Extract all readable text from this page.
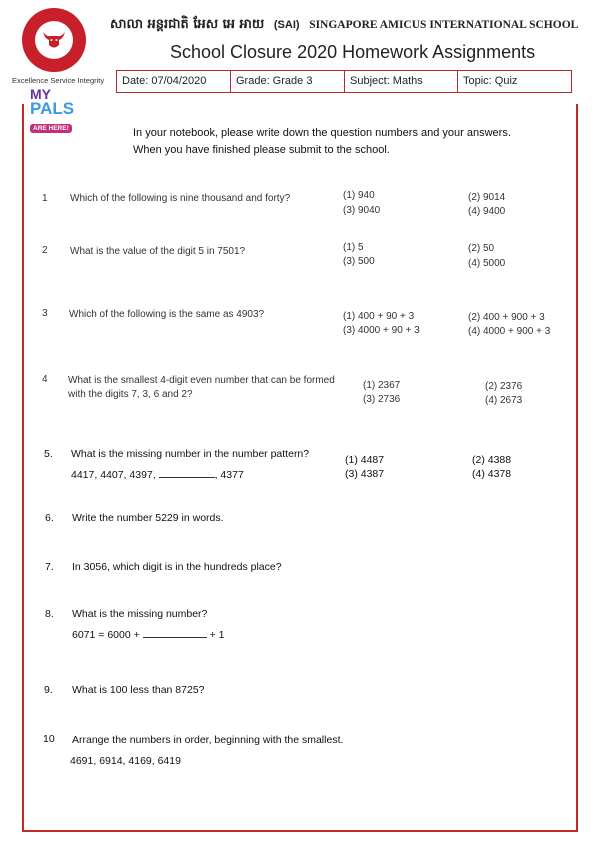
Excellence Service Integrity
សាលា អន្តរជាតិ អែស អេ អាយ (SAI) SINGAPORE AMICUS INTERNATIONAL SCHOOL
School Closure 2020 Homework Assignments
MY
PALS
ARE HERE!
Date: 07/04/2020	Grade: Grade 3	Subject: Maths	Topic: Quiz
In your notebook, please write down the question numbers and your answers.
When you have finished please submit to the school.
1 Which of the following is nine thousand and forty?	(1) 940	(2) 9014
(3) 9040	(4) 9400
2 What is the value of the digit 5 in 7501?	(1) 5	(2) 50
(3) 500	(4) 5000
3 Which of the following is the same as 4903?	(1) 400 + 90 + 3	(2) 400 + 900 + 3
(3) 4000 + 90 + 3	(4) 4000 + 900 + 3
4 What is the smallest 4-digit even number that can be formed
with the digits 7, 3, 6 and 2?
(1) 2367	(2) 2376
(3) 2736	(4) 2673
5. What is the missing number in the number pattern?
4417, 4407, 4397,	, 4377
(1) 4487	(2) 4388
(3) 4387	(4) 4378
6. Write the number 5229 in words.
7. In 3056, which digit is in the hundreds place?
8. What is the missing number?
6071 = 6000 +	+ 1
9. What is 100 less than 8725?
10 Arrange the numbers in order, beginning with the smallest.
4691, 6914, 4169, 6419
